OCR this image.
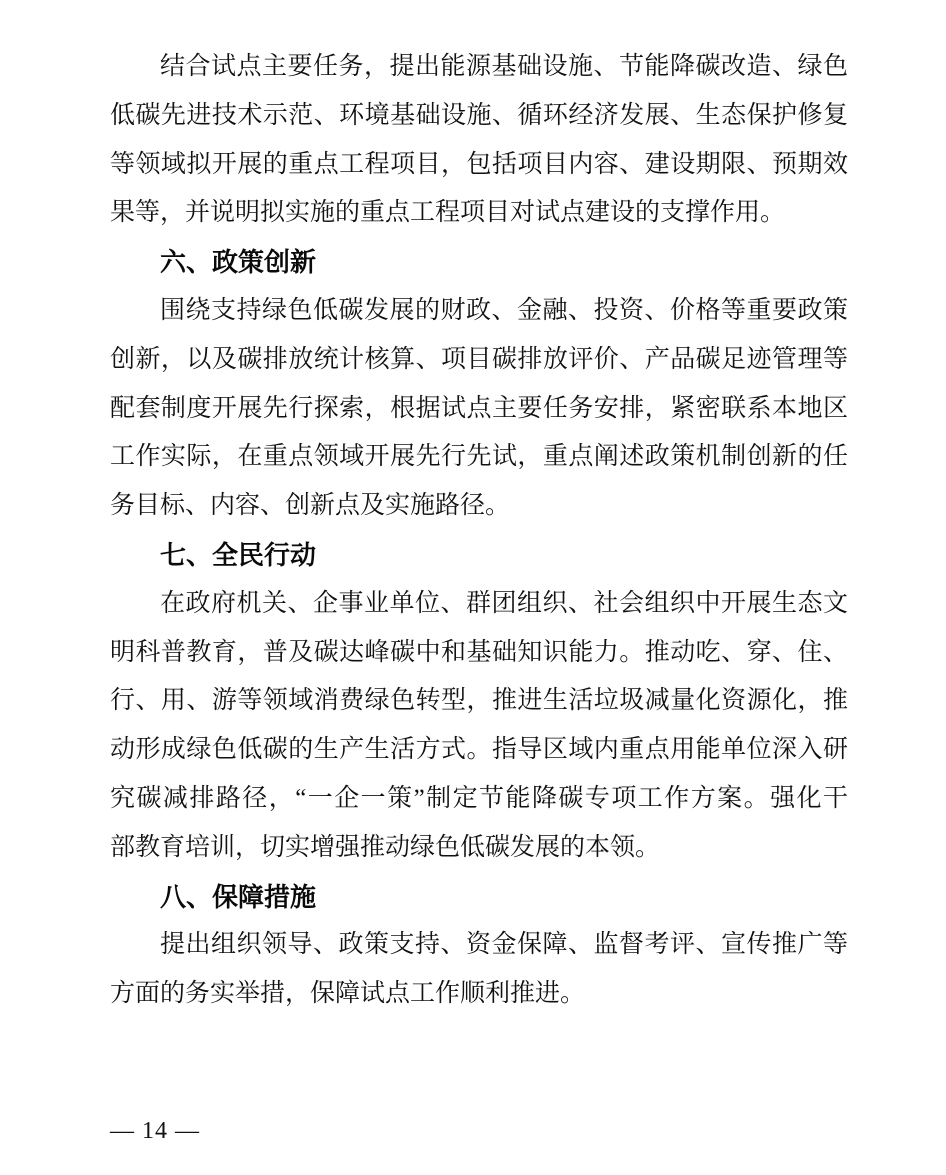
结合试点主要任务，提出能源基础设施、节能降碳改造、绿色
低碳先进技术示范、环境基础设施、循环经济发展、生态保护修复
等领域拟开展的重点工程项目，包括项目内容、建设期限、预期效
果等，并说明拟实施的重点工程项目对试点建设的支撑作用。
六、政策创新
围绕支持绿色低碳发展的财政、金融、投资、价格等重要政策
创新，以及碳排放统计核算、项目碳排放评价、产品碳足迹管理等
配套制度开展先行探索，根据试点主要任务安排，紧密联系本地区
工作实际，在重点领域开展先行先试，重点阐述政策机制创新的任
务目标、内容、创新点及实施路径。
七、全民行动
在政府机关、企事业单位、群团组织、社会组织中开展生态文
明科普教育，普及碳达峰碳中和基础知识能力。推动吃、穿、住、
行、用、游等领域消费绿色转型，推进生活垃圾减量化资源化，推
动形成绿色低碳的生产生活方式。指导区域内重点用能单位深入研
究碳减排路径，“一企一策”制定节能降碳专项工作方案。强化干
部教育培训，切实增强推动绿色低碳发展的本领。
八、保障措施
提出组织领导、政策支持、资金保障、监督考评、宣传推广等
方面的务实举措，保障试点工作顺利推进。
— 14 —
